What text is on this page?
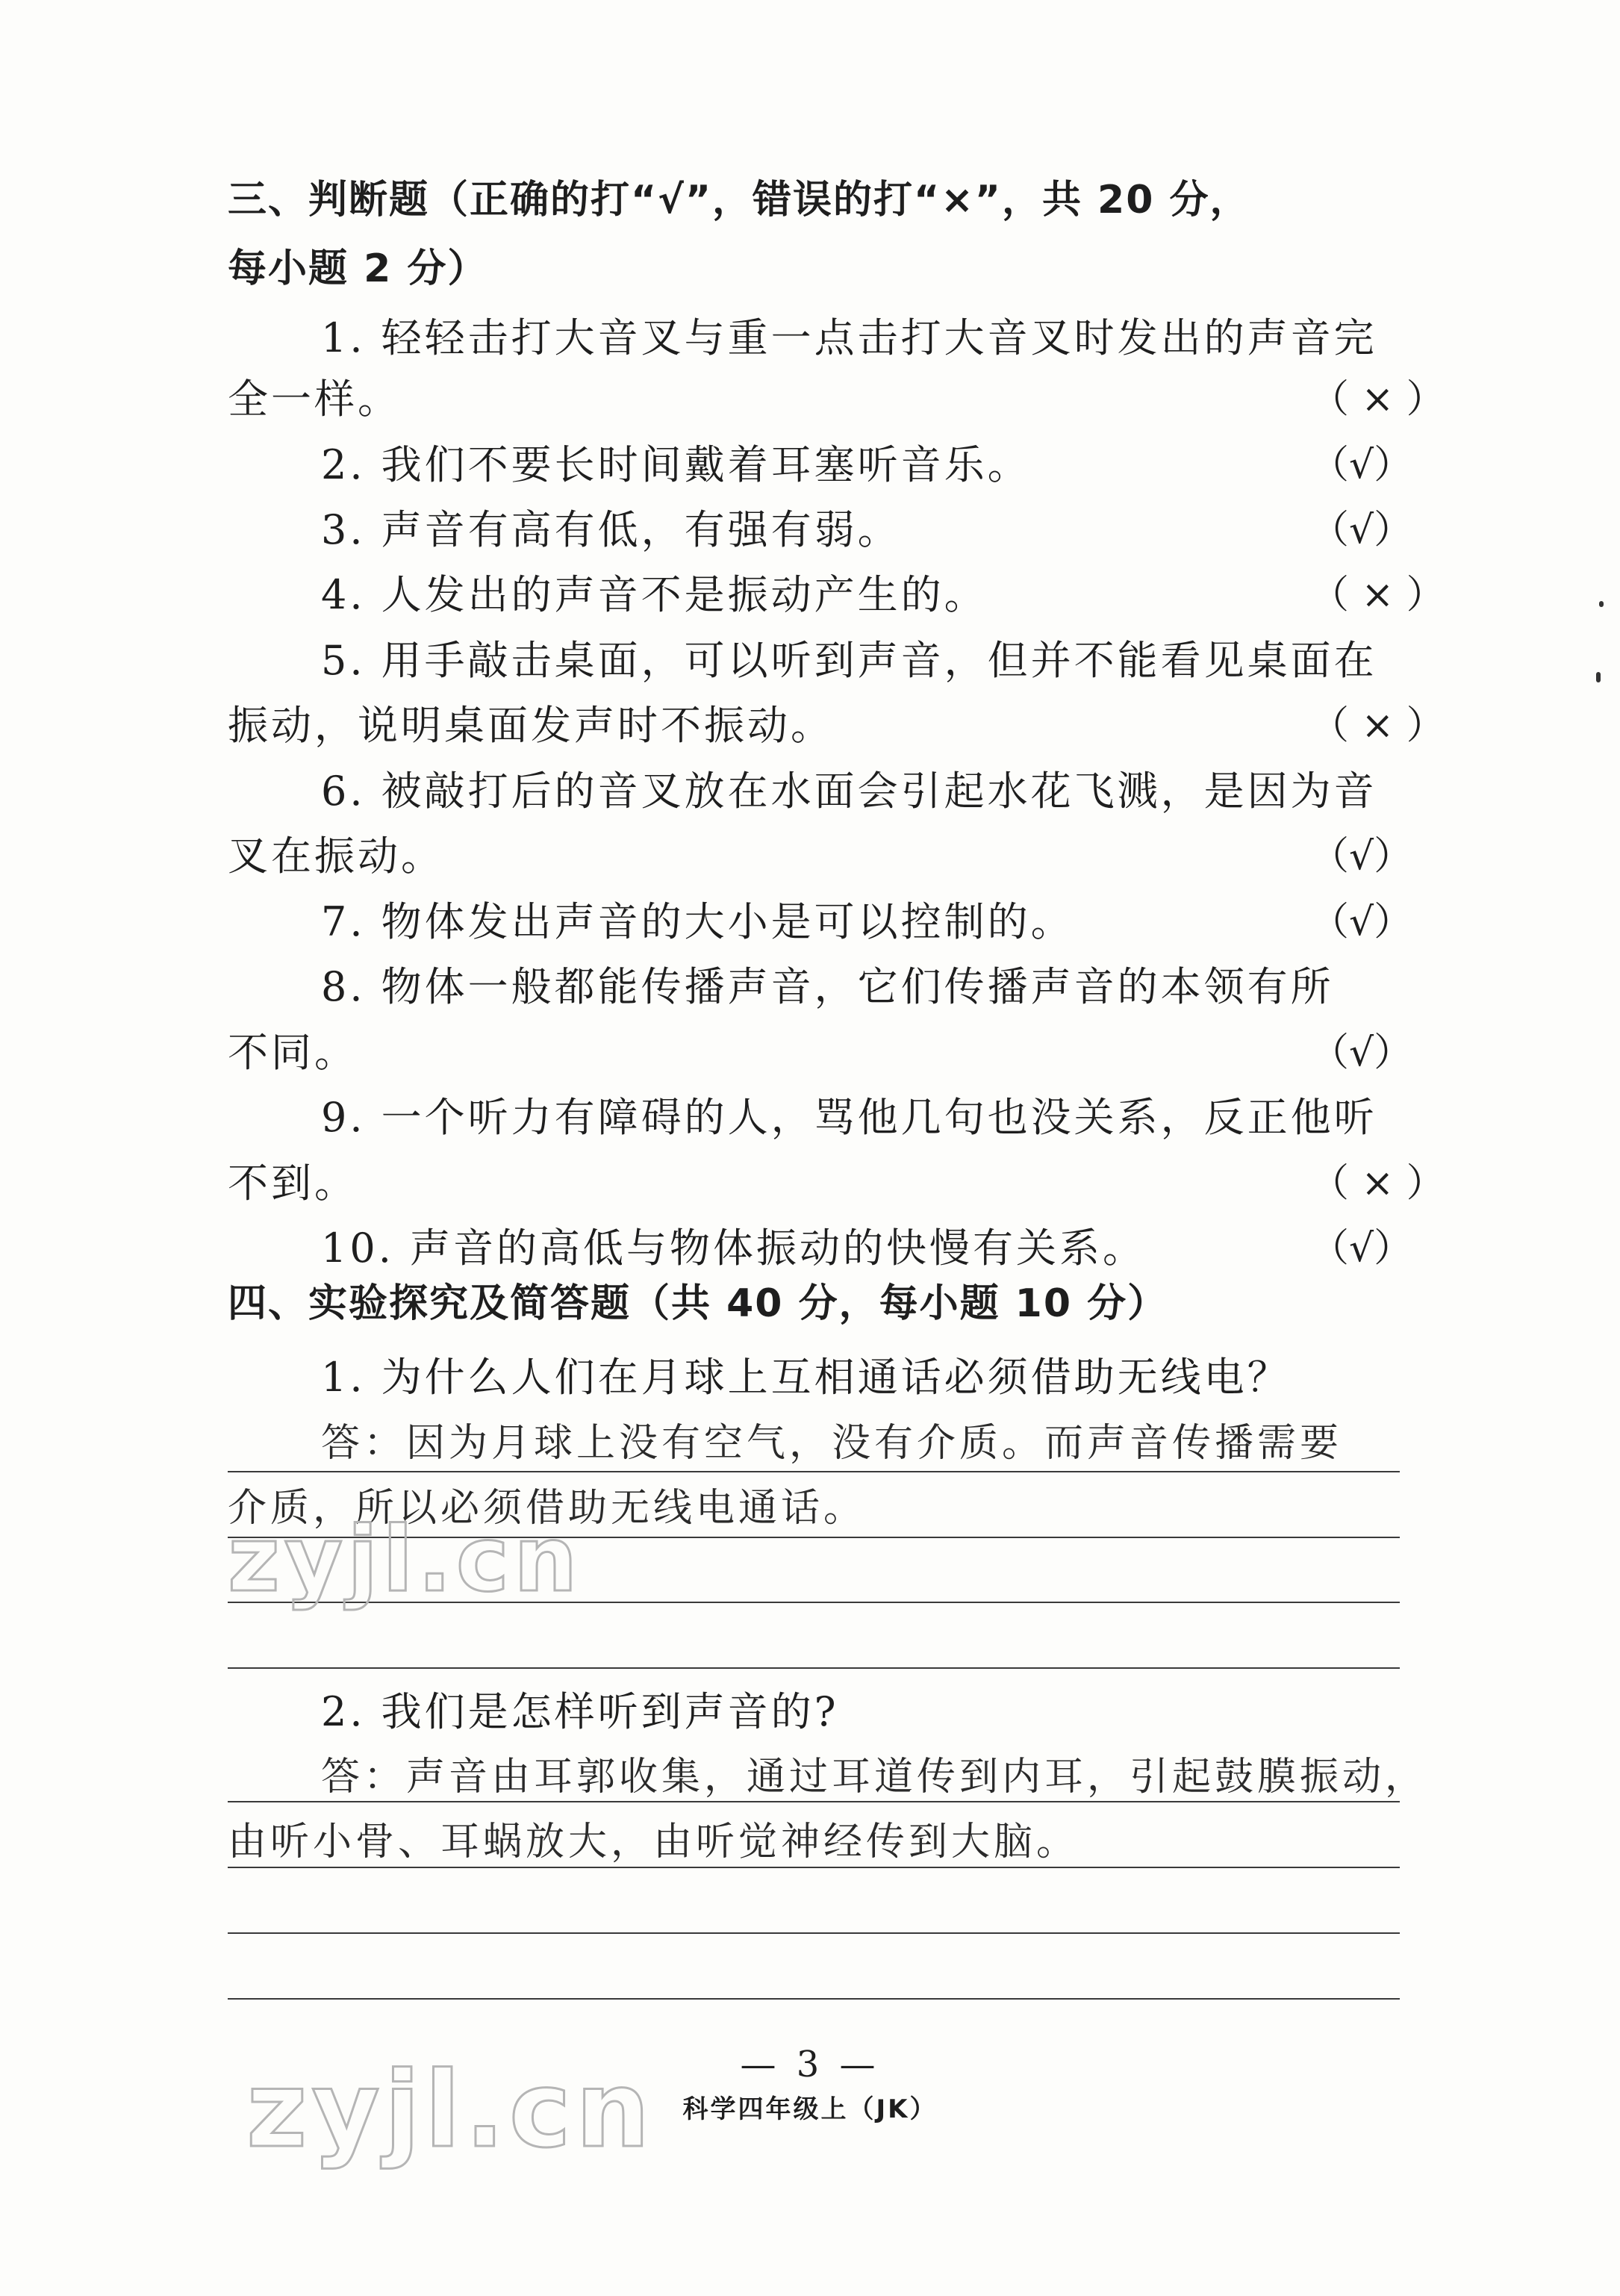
三、判断题（正确的打“√”，错误的打“×”，共 20 分，
每小题 2 分）
1. 轻轻击打大音叉与重一点击打大音叉时发出的声音完
全一样。	（ × ）
2. 我们不要长时间戴着耳塞听音乐。	（√）
3. 声音有高有低，有强有弱。	（√）
4. 人发出的声音不是振动产生的。	（ × ）
5. 用手敲击桌面，可以听到声音，但并不能看见桌面在
振动，说明桌面发声时不振动。	（ × ）
6. 被敲打后的音叉放在水面会引起水花飞溅，是因为音
叉在振动。	（√）
7. 物体发出声音的大小是可以控制的。	（√）
8. 物体一般都能传播声音，它们传播声音的本领有所
不同。	（√）
9. 一个听力有障碍的人，骂他几句也没关系，反正他听
不到。	（ × ）
10. 声音的高低与物体振动的快慢有关系。	（√）
四、实验探究及简答题（共 40 分，每小题 10 分）
1. 为什么人们在月球上互相通话必须借助无线电？
答：因为月球上没有空气，没有介质。而声音传播需要
介质，所以必须借助无线电通话。
zyjl.cn
2. 我们是怎样听到声音的?
答：声音由耳郭收集，通过耳道传到内耳，引起鼓膜振动，
由听小骨、耳蜗放大，由听觉神经传到大脑。
zyjl.cn	— 3 —
科学四年级上（JK）
